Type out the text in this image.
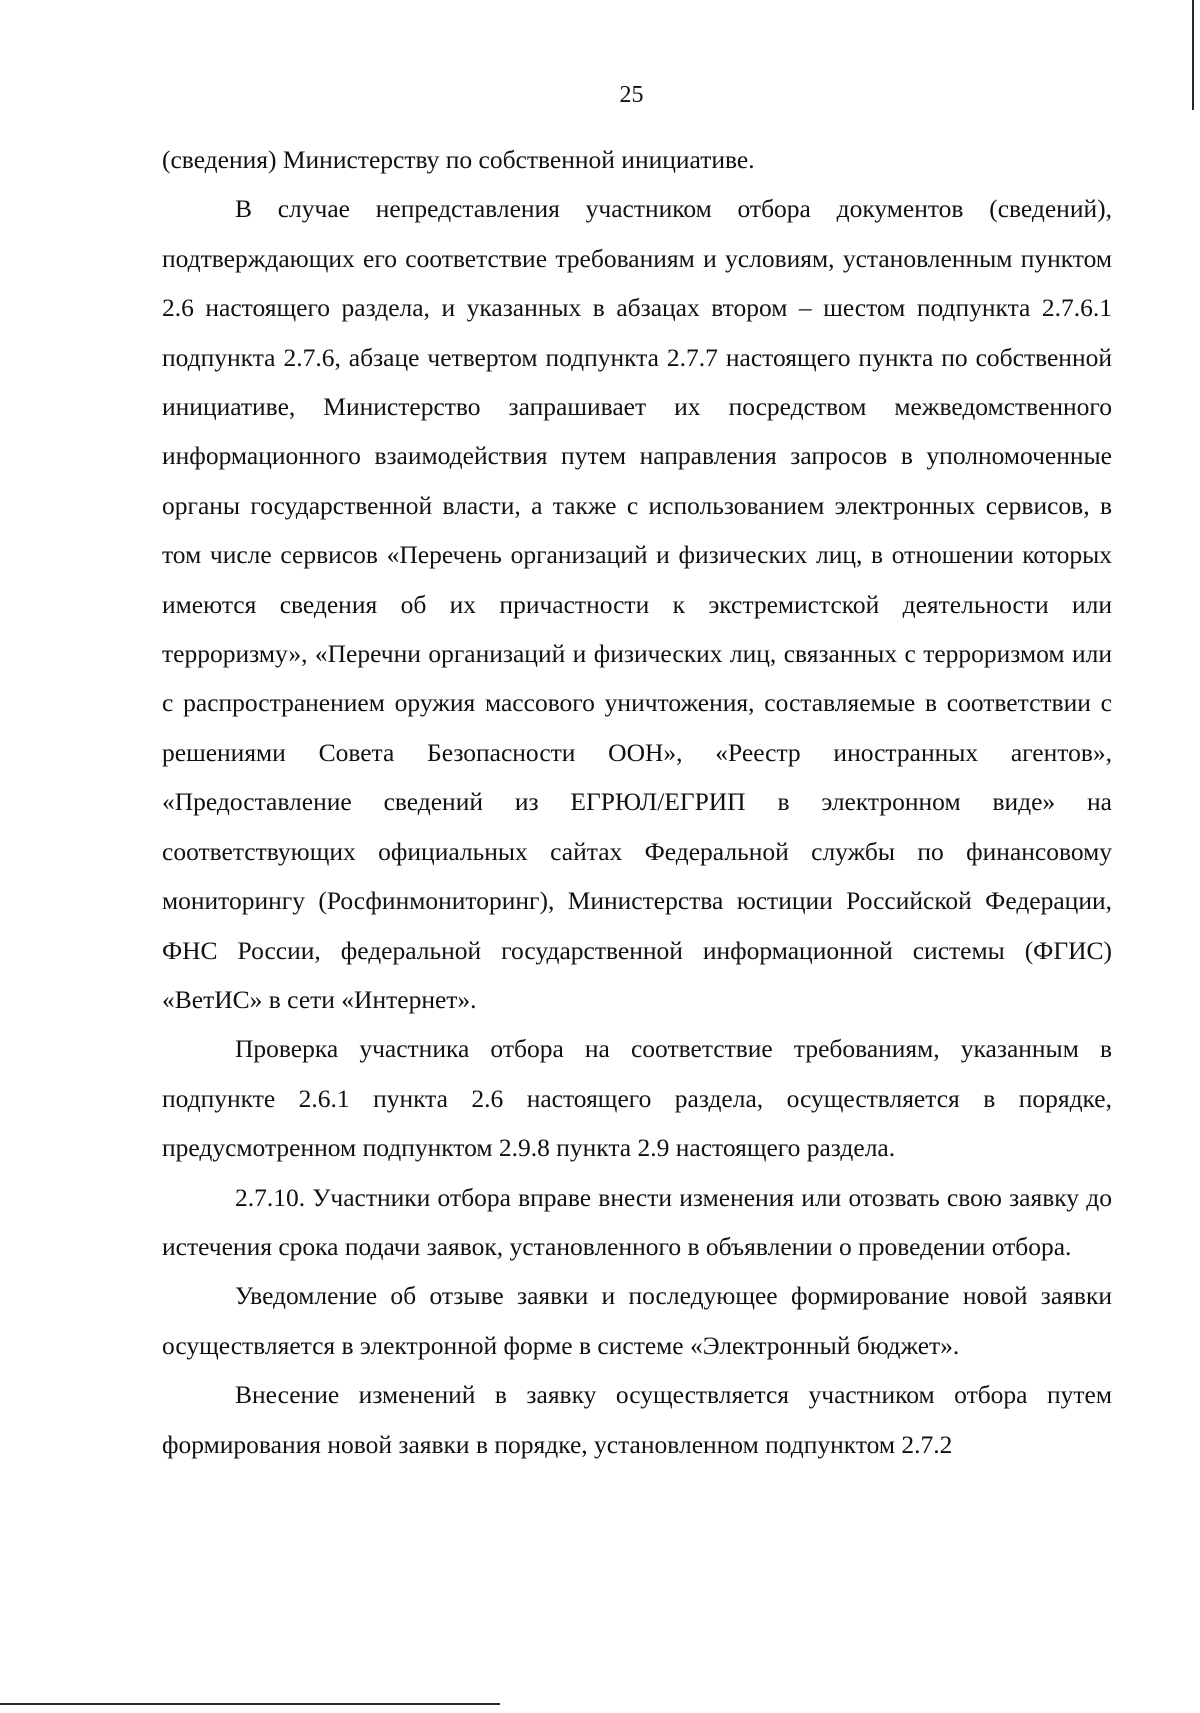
25

(сведения) Министерству по собственной инициативе.

В случае непредставления участником отбора документов (сведений), подтверждающих его соответствие требованиям и условиям, установленным пунктом 2.6 настоящего раздела, и указанных в абзацах втором – шестом подпункта 2.7.6.1 подпункта 2.7.6, абзаце четвертом подпункта 2.7.7 настоящего пункта по собственной инициативе, Министерство запрашивает их посредством межведомственного информационного взаимодействия путем направления запросов в уполномоченные органы государственной власти, а также с использованием электронных сервисов, в том числе сервисов «Перечень организаций и физических лиц, в отношении которых имеются сведения об их причастности к экстремистской деятельности или терроризму», «Перечни организаций и физических лиц, связанных с терроризмом или с распространением оружия массового уничтожения, составляемые в соответствии с решениями Совета Безопасности ООН», «Реестр иностранных агентов», «Предоставление сведений из ЕГРЮЛ/ЕГРИП в электронном виде» на соответствующих официальных сайтах Федеральной службы по финансовому мониторингу (Росфинмониторинг), Министерства юстиции Российской Федерации, ФНС России, федеральной государственной информационной системы (ФГИС) «ВетИС» в сети «Интернет».

Проверка участника отбора на соответствие требованиям, указанным в подпункте 2.6.1 пункта 2.6 настоящего раздела, осуществляется в порядке, предусмотренном подпунктом 2.9.8 пункта 2.9 настоящего раздела.

2.7.10. Участники отбора вправе внести изменения или отозвать свою заявку до истечения срока подачи заявок, установленного в объявлении о проведении отбора.

Уведомление об отзыве заявки и последующее формирование новой заявки осуществляется в электронной форме в системе «Электронный бюджет».

Внесение изменений в заявку осуществляется участником отбора путем формирования новой заявки в порядке, установленном подпунктом 2.7.2
